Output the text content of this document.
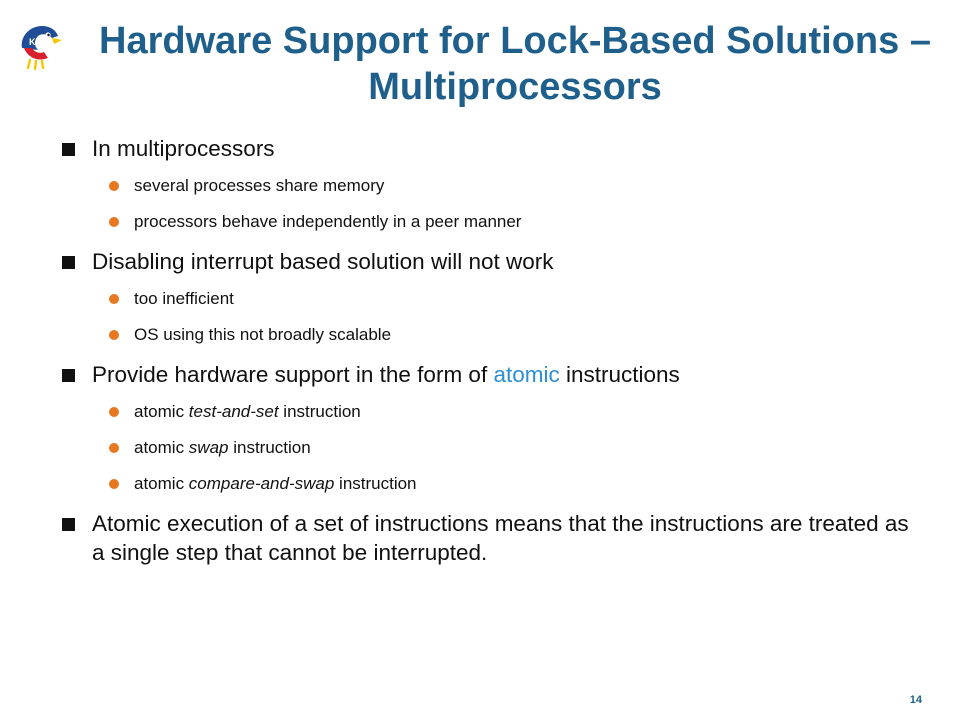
KU Hardware Support for Lock-Based Solutions – Multiprocessors
In multiprocessors
several processes share memory
processors behave independently in a peer manner
Disabling interrupt based solution will not work
too inefficient
OS using this not broadly scalable
Provide hardware support in the form of atomic instructions
atomic test-and-set instruction
atomic swap instruction
atomic compare-and-swap instruction
Atomic execution of a set of instructions means that the instructions are treated as a single step that cannot be interrupted.
14
